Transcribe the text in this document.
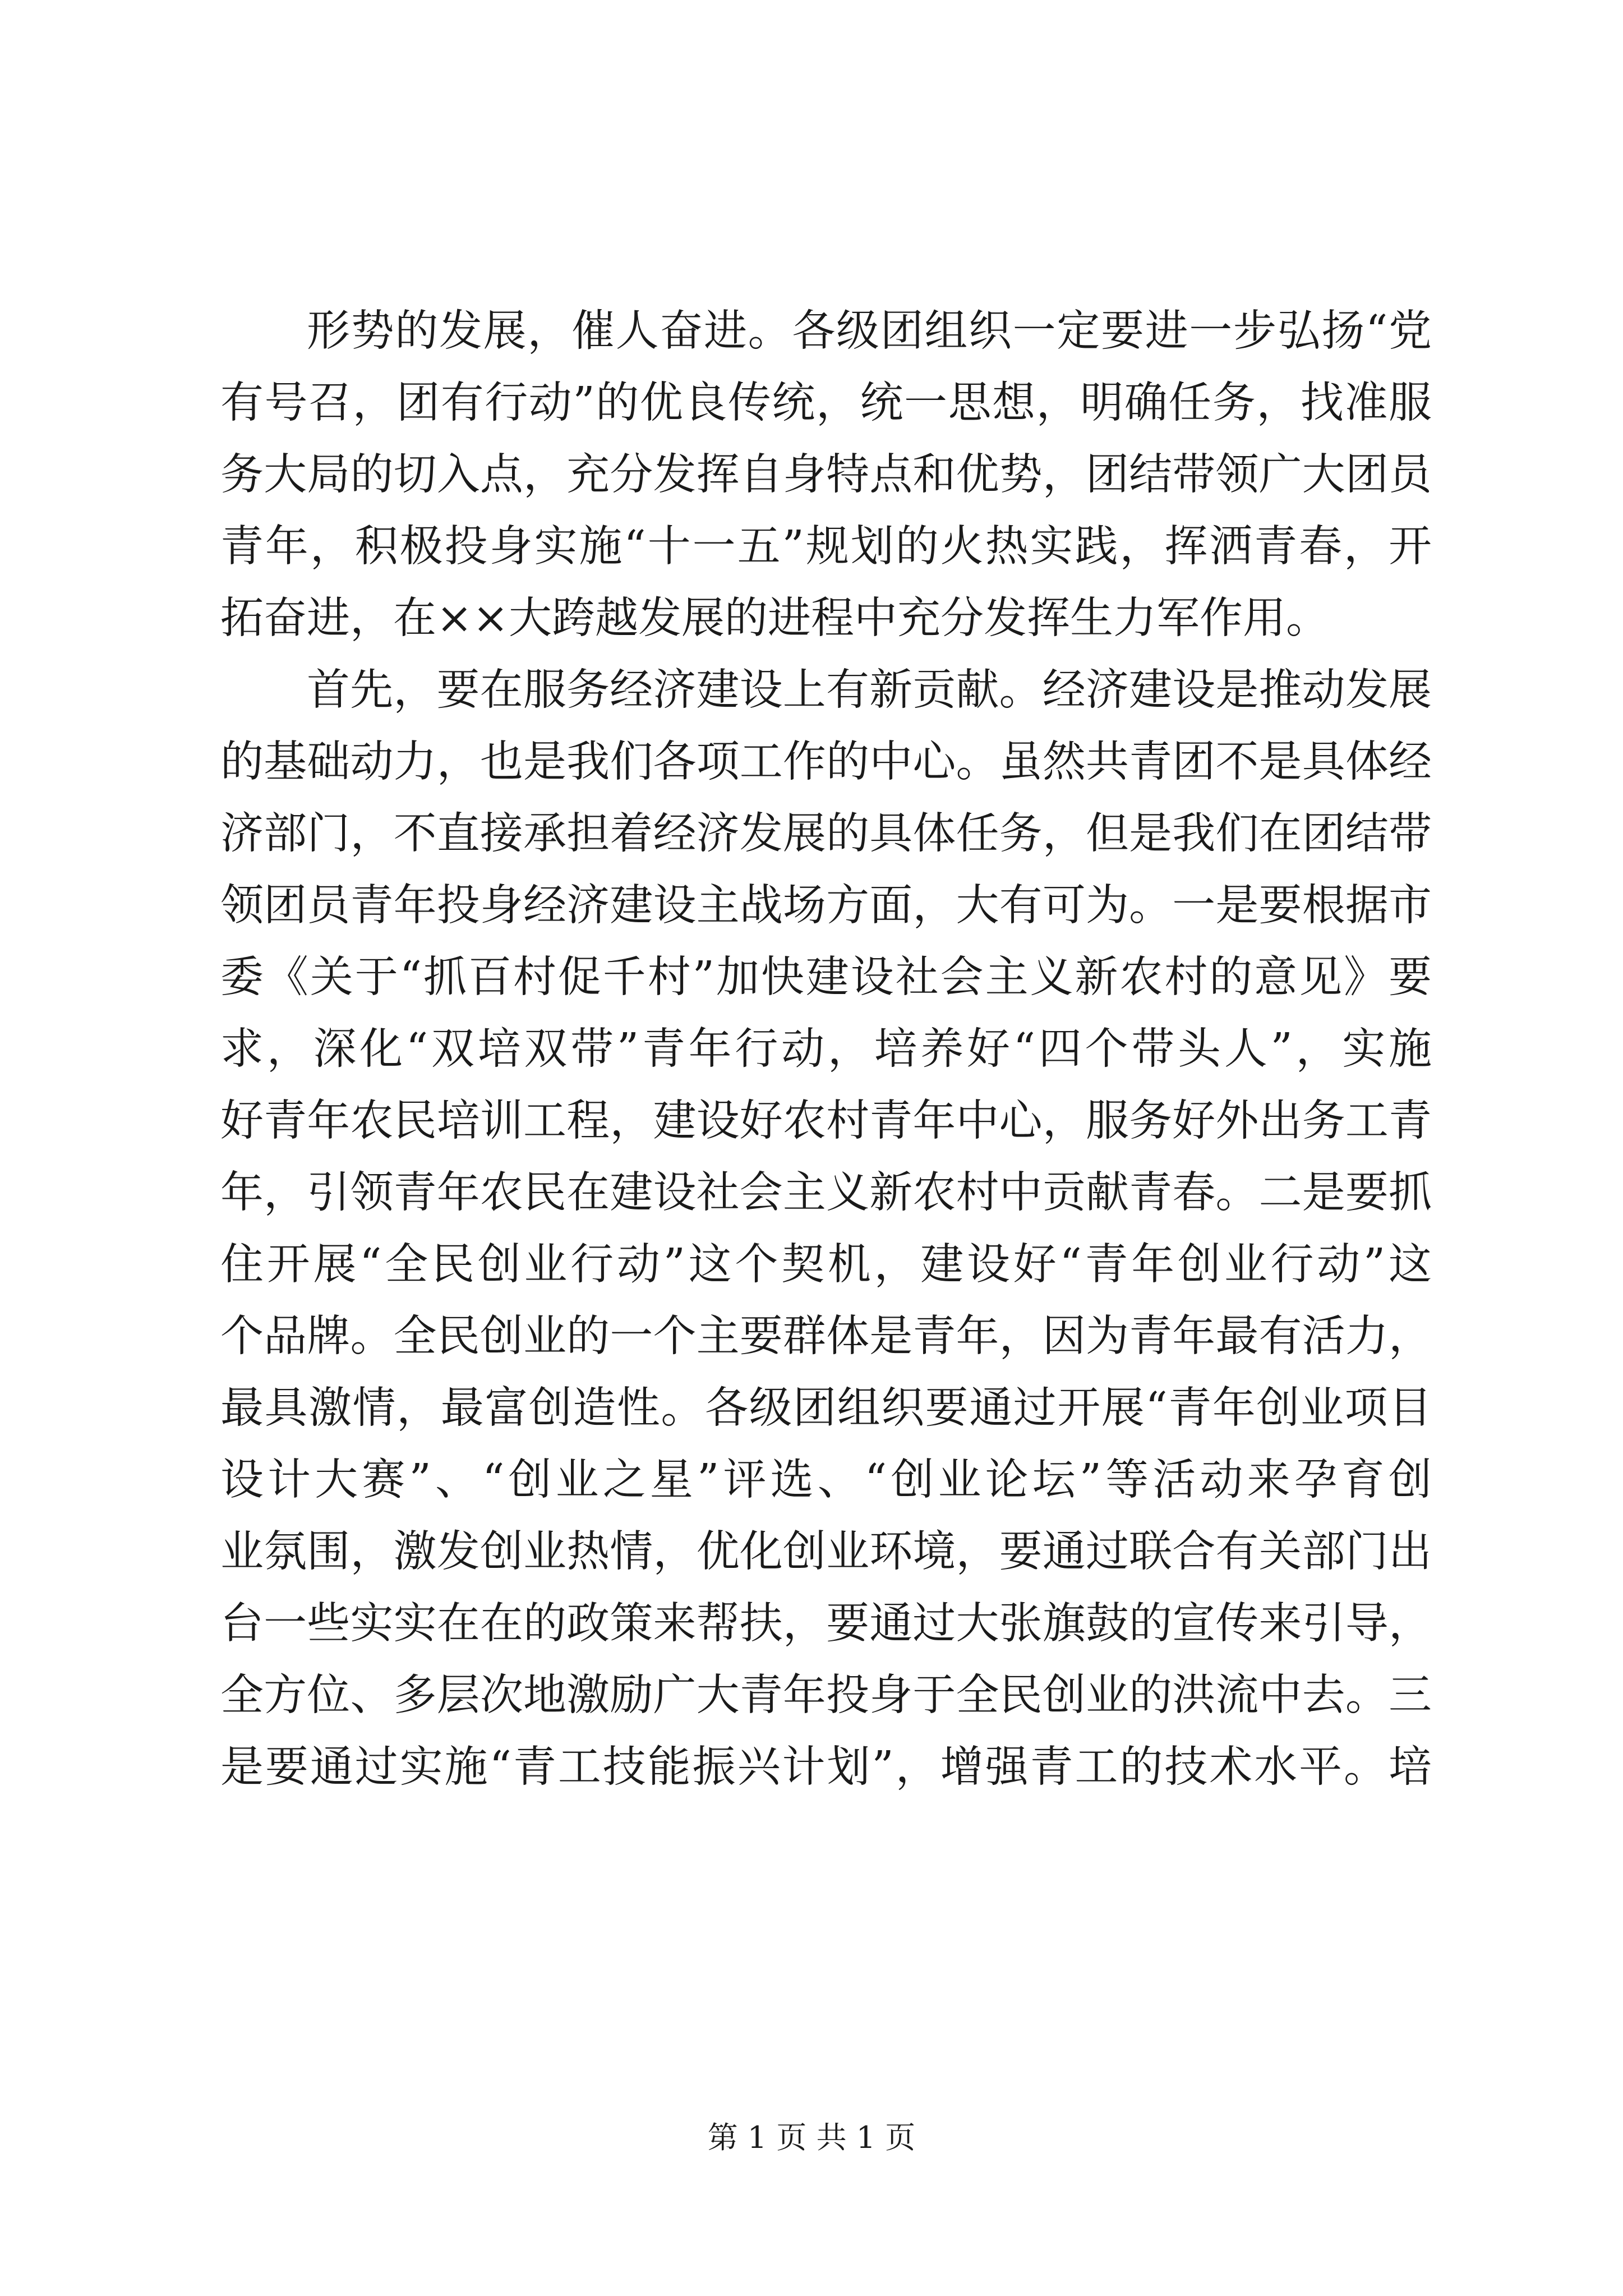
形势的发展，催人奋进。各级团组织一定要进一步弘扬“党
有号召，团有行动”的优良传统，统一思想，明确任务，找准服
务大局的切入点，充分发挥自身特点和优势，团结带领广大团员
青年，积极投身实施“十一五”规划的火热实践，挥洒青春，开
拓奋进，在××大跨越发展的进程中充分发挥生力军作用。
首先，要在服务经济建设上有新贡献。经济建设是推动发展
的基础动力，也是我们各项工作的中心。虽然共青团不是具体经
济部门，不直接承担着经济发展的具体任务，但是我们在团结带
领团员青年投身经济建设主战场方面，大有可为。一是要根据市
委《关于“抓百村促千村”加快建设社会主义新农村的意见》要
求，深化“双培双带”青年行动，培养好“四个带头人”，实施
好青年农民培训工程，建设好农村青年中心，服务好外出务工青
年，引领青年农民在建设社会主义新农村中贡献青春。二是要抓
住开展“全民创业行动”这个契机，建设好“青年创业行动”这
个品牌。全民创业的一个主要群体是青年，因为青年最有活力，
最具激情，最富创造性。各级团组织要通过开展“青年创业项目
设计大赛”、“创业之星”评选、“创业论坛”等活动来孕育创
业氛围，激发创业热情，优化创业环境，要通过联合有关部门出
台一些实实在在的政策来帮扶，要通过大张旗鼓的宣传来引导，
全方位、多层次地激励广大青年投身于全民创业的洪流中去。三
是要通过实施“青工技能振兴计划”，增强青工的技术水平。培
第 1 页 共 1 页
